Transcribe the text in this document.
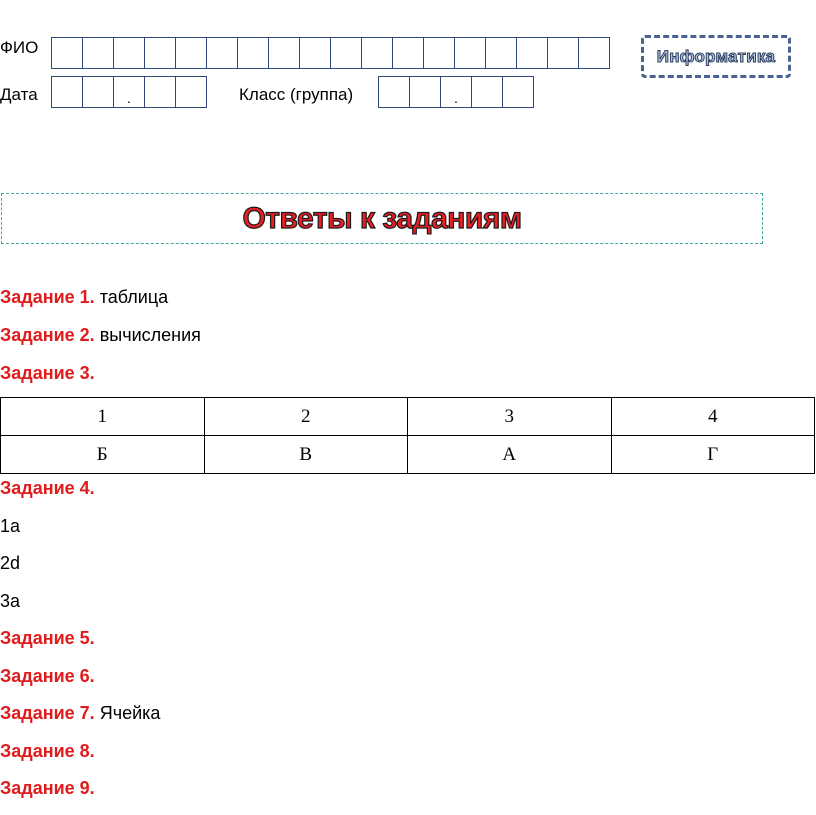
ФИО	Информатика
Дата	.	Класс (группа)	.
Ответы к заданиям
Задание 1. таблица
Задание 2. вычисления
Задание 3.
1	2	3	4
Б	В	А	Г
Задание 4.
1a
2d
3a
Задание 5.
Задание 6.
Задание 7. Ячейка
Задание 8.
Задание 9.
